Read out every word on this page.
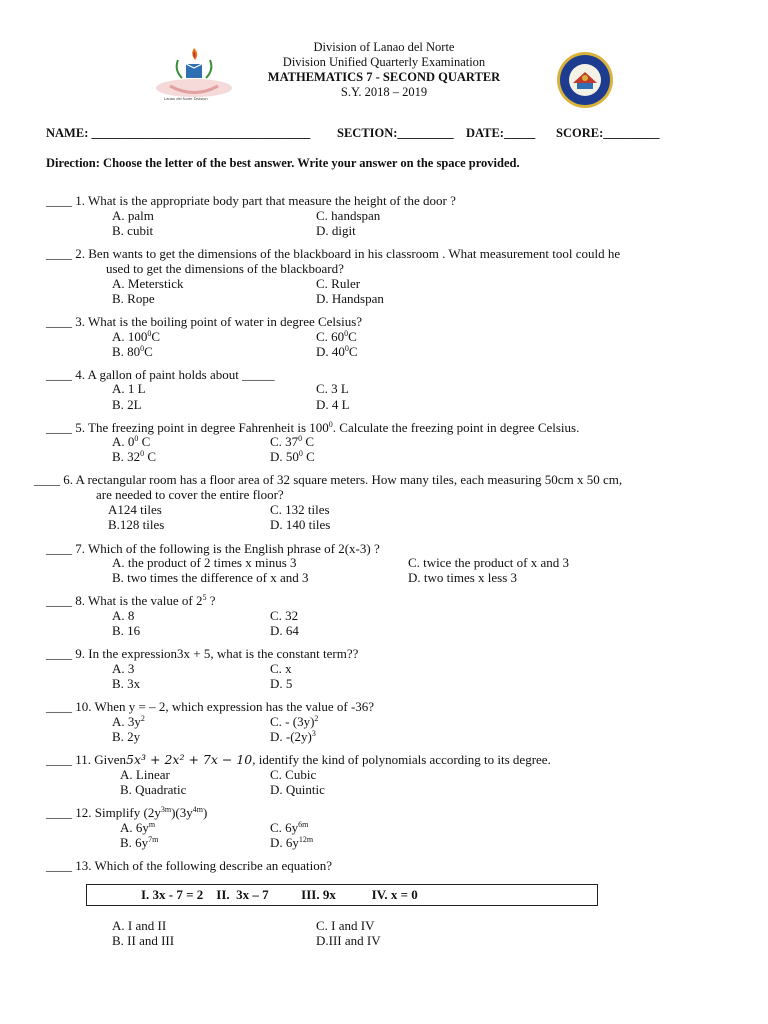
Lanao del Norte Division
Division of Lanao del Norte
Division Unified Quarterly Examination
MATHEMATICS 7 - SECOND QUARTER
S.Y. 2018 – 2019
NAME: ___________________________________ SECTION:_________ DATE:_____ SCORE:_________
Direction: Choose the letter of the best answer. Write your answer on the space provided.
____ 1. What is the appropriate body part that measure the height of the door ?
A. palm	C. handspan
B. cubit	D. digit
____ 2. Ben wants to get the dimensions of the blackboard in his classroom . What measurement tool could he
used to get the dimensions of the blackboard?
A. Meterstick	C. Ruler
B. Rope	D. Handspan
____ 3. What is the boiling point of water in degree Celsius?
A. $100^0C$	C. $60^0C$
B. $80^0C$	D. $40^0C$
____ 4. A gallon of paint holds about _____
A. 1 L	C. 3 L
B. 2L	D. 4 L
____ 5. The freezing point in degree Fahrenheit is $100^0$. Calculate the freezing point in degree Celsius.
A. $0^0$ C	C. $37^0$ C
B. $32^0$ C	D. $50^0$ C
____ 6. A rectangular room has a floor area of 32 square meters. How many tiles, each measuring 50cm x 50 cm,
are needed to cover the entire floor?
A124 tiles	C. 132 tiles
B.128 tiles	D. 140 tiles
____ 7. Which of the following is the English phrase of 2(x-3) ?
A. the product of 2 times x minus 3	C. twice the product of x and 3
B. two times the difference of x and 3	D. two times x less 3
____ 8. What is the value of $2^5$ ?
A. 8	C. 32
B. 16	D. 64
____ 9. In the expression3x + 5, what is the constant term??
A. 3	C. x
B. 3x	D. 5
____ 10. When y = – 2, which expression has the value of -36?
A. $3y^2$	C. - $(3y)^2$
B. 2y	D. $-(2y)^3$
____ 11. Given5x³ + 2x² + 7x − 10, identify the kind of polynomials according to its degree.
A. Linear	C. Cubic
B. Quadratic	D. Quintic
____ 12. Simplify $(2y^{3m})(3y^{4m})$
A. $6y^m$	C. $6y^{6m}$
B. $6y^{7m}$	D. $6y^{12m}$
____ 13. Which of the following describe an equation?
I. 3x - 7 = 2    II.  3x – 7          III. 9x           IV. x = 0
A. I and II	C. I and IV
B. II and III	D.III and IV
